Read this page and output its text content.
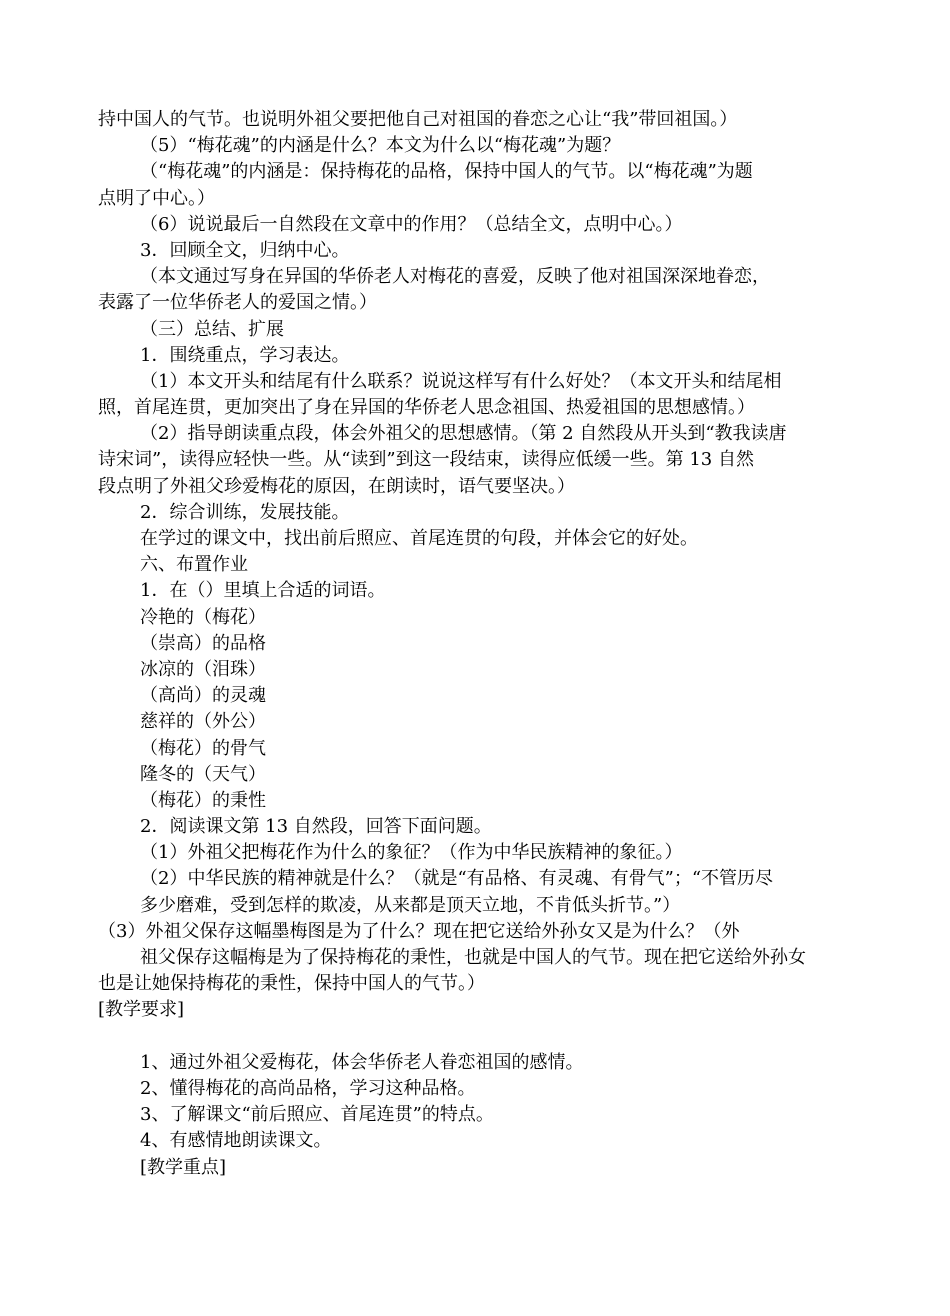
持中国人的气节。也说明外祖父要把他自己对祖国的眷恋之心让“我”带回祖国。）
（5）“梅花魂”的内涵是什么？本文为什么以“梅花魂”为题？
（“梅花魂”的内涵是：保持梅花的品格，保持中国人的气节。以“梅花魂”为题
点明了中心。）
（6）说说最后一自然段在文章中的作用？（总结全文，点明中心。）
3．回顾全文，归纳中心。
（本文通过写身在异国的华侨老人对梅花的喜爱，反映了他对祖国深深地眷恋，
表露了一位华侨老人的爱国之情。）
（三）总结、扩展
1．围绕重点，学习表达。
（1）本文开头和结尾有什么联系？说说这样写有什么好处？（本文开头和结尾相
照，首尾连贯，更加突出了身在异国的华侨老人思念祖国、热爱祖国的思想感情。）
（2）指导朗读重点段，体会外祖父的思想感情。（第 2 自然段从开头到“教我读唐
诗宋词”，读得应轻快一些。从“读到”到这一段结束，读得应低缓一些。第 13 自然
段点明了外祖父珍爱梅花的原因，在朗读时，语气要坚决。）
2．综合训练，发展技能。
在学过的课文中，找出前后照应、首尾连贯的句段，并体会它的好处。
六、布置作业
1．在（）里填上合适的词语。
冷艳的（梅花）
（崇高）的品格
冰凉的（泪珠）
（高尚）的灵魂
慈祥的（外公）
（梅花）的骨气
隆冬的（天气）
（梅花）的秉性
2．阅读课文第 13 自然段，回答下面问题。
（1）外祖父把梅花作为什么的象征？（作为中华民族精神的象征。）
（2）中华民族的精神就是什么？（就是“有品格、有灵魂、有骨气”；“不管历尽
多少磨难，受到怎样的欺凌，从来都是顶天立地，不肯低头折节。”）
（3）外祖父保存这幅墨梅图是为了什么？现在把它送给外孙女又是为什么？（外
祖父保存这幅梅是为了保持梅花的秉性，也就是中国人的气节。现在把它送给外孙女
也是让她保持梅花的秉性，保持中国人的气节。）
[教学要求]
1、通过外祖父爱梅花，体会华侨老人眷恋祖国的感情。
2、懂得梅花的高尚品格，学习这种品格。
3、了解课文“前后照应、首尾连贯”的特点。
4、有感情地朗读课文。
[教学重点]
